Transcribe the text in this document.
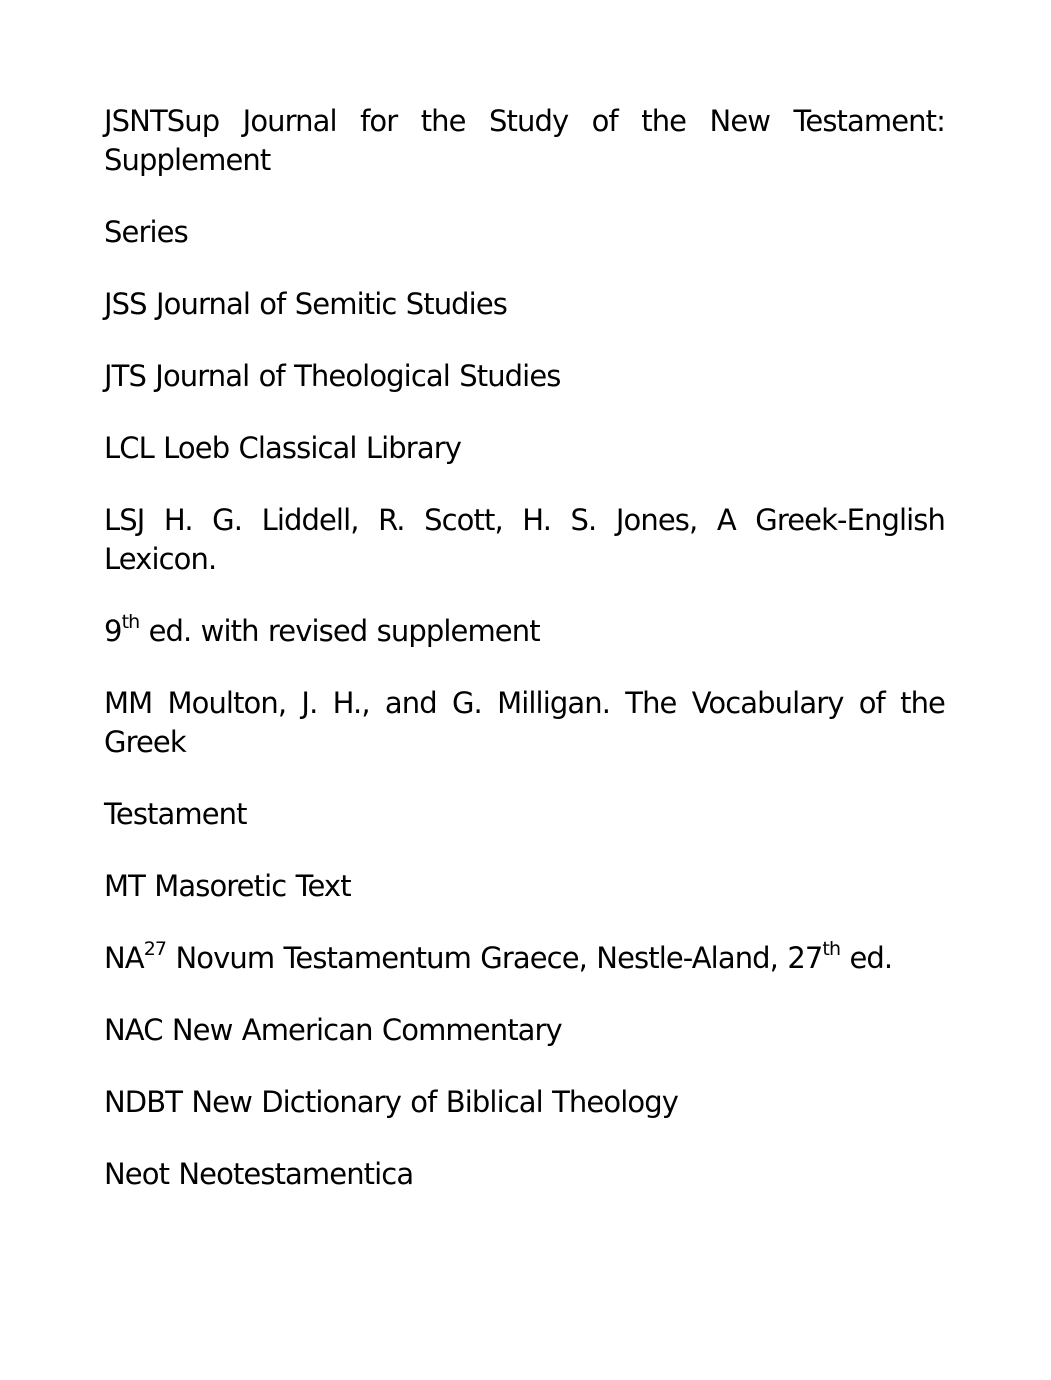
JSNTSup Journal for the Study of the New Testament: Supplement

Series

JSS Journal of Semitic Studies

JTS Journal of Theological Studies

LCL Loeb Classical Library

LSJ H. G. Liddell, R. Scott, H. S. Jones, A Greek-English Lexicon.

9th ed. with revised supplement

MM Moulton, J. H., and G. Milligan. The Vocabulary of the Greek

Testament

MT Masoretic Text

NA$^{27}$ Novum Testamentum Graece, Nestle-Aland, 27th ed.

NAC New American Commentary

NDBT New Dictionary of Biblical Theology

Neot Neotestamentica
